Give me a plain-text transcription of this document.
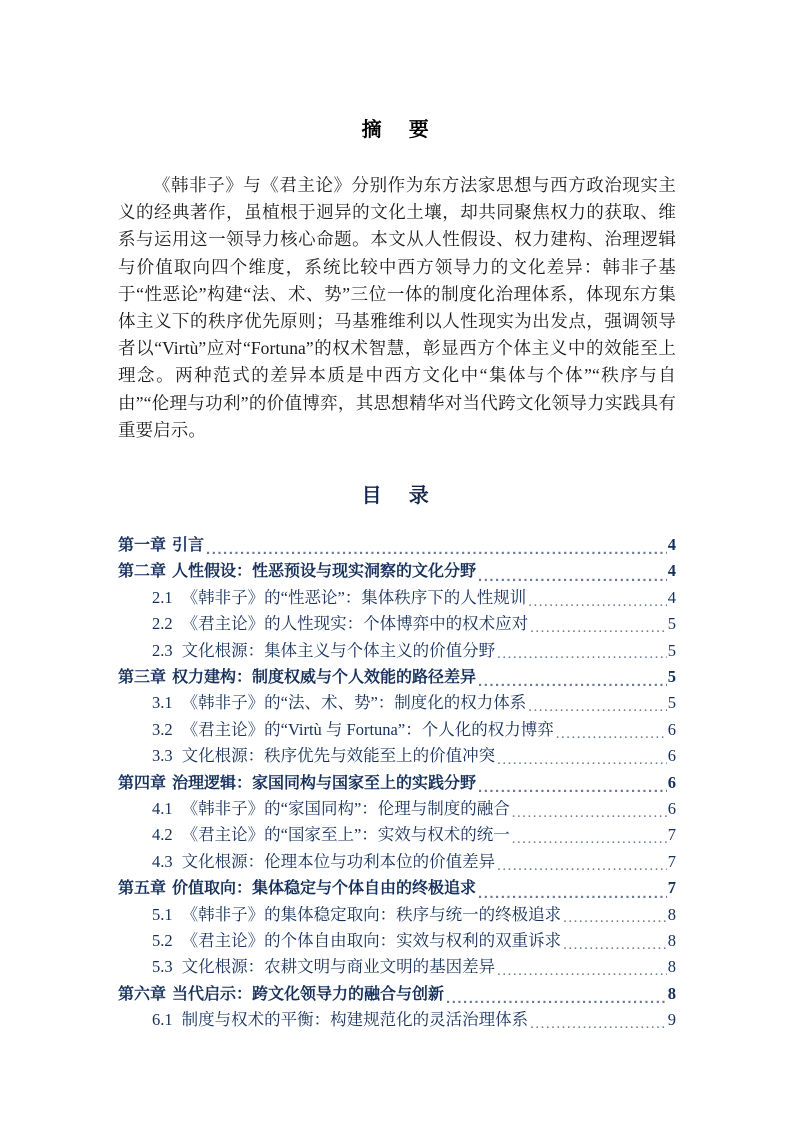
摘　要

《韩非子》与《君主论》分别作为东方法家思想与西方政治现实主义的经典著作，虽植根于迥异的文化土壤，却共同聚焦权力的获取、维系与运用这一领导力核心命题。本文从人性假设、权力建构、治理逻辑与价值取向四个维度，系统比较中西方领导力的文化差异：韩非子基于“性恶论”构建“法、术、势”三位一体的制度化治理体系，体现东方集体主义下的秩序优先原则；马基雅维利以人性现实为出发点，强调领导者以“Virtù”应对“Fortuna”的权术智慧，彰显西方个体主义中的效能至上理念。两种范式的差异本质是中西方文化中“集体与个体”“秩序与自由”“伦理与功利”的价值博弈，其思想精华对当代跨文化领导力实践具有重要启示。

目　录
第一章 引言 .....	4
第二章 人性假设：性恶预设与现实洞察的文化分野 .....	4
2.1 《韩非子》的“性恶论”：集体秩序下的人性规训 .....	4
2.2 《君主论》的人性现实：个体博弈中的权术应对 .....	5
2.3 文化根源：集体主义与个体主义的价值分野 .....	5
第三章 权力建构：制度权威与个人效能的路径差异 .....	5
3.1 《韩非子》的“法、术、势”：制度化的权力体系 .....	5
3.2 《君主论》的“Virtù 与 Fortuna”：个人化的权力博弈 .....	6
3.3 文化根源：秩序优先与效能至上的价值冲突 .....	6
第四章 治理逻辑：家国同构与国家至上的实践分野 .....	6
4.1 《韩非子》的“家国同构”：伦理与制度的融合 .....	6
4.2 《君主论》的“国家至上”：实效与权术的统一 .....	7
4.3 文化根源：伦理本位与功利本位的价值差异 .....	7
第五章 价值取向：集体稳定与个体自由的终极追求 .....	7
5.1 《韩非子》的集体稳定取向：秩序与统一的终极追求 .....	8
5.2 《君主论》的个体自由取向：实效与权利的双重诉求 .....	8
5.3 文化根源：农耕文明与商业文明的基因差异 .....	8
第六章 当代启示：跨文化领导力的融合与创新 .....	8
6.1 制度与权术的平衡：构建规范化的灵活治理体系 .....	9
